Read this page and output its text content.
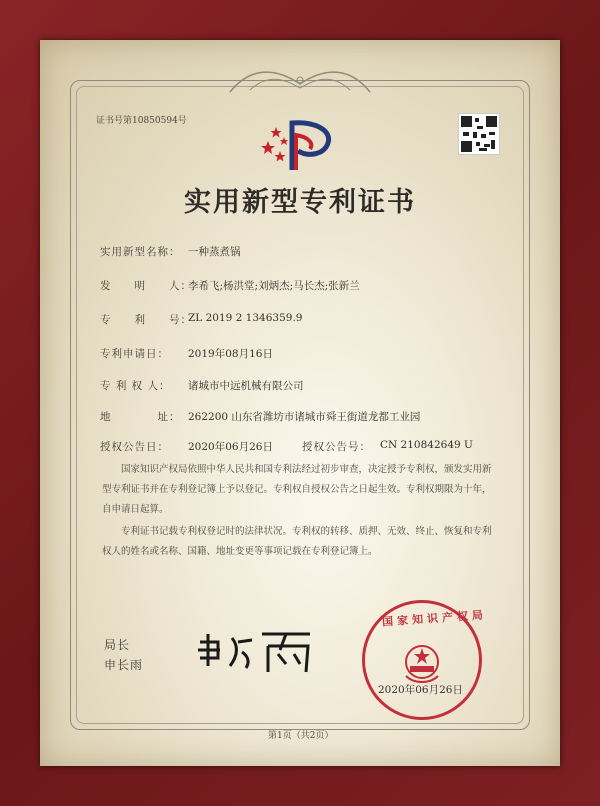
证书号第10850594号
实用新型专利证书
实用新型名称： 一种蒸煮锅
发　　明　　人：
李希飞;杨洪堂;刘炳杰;马长杰;张新兰
专　　利　　号：
ZL 2019 2 1346359.9
专利申请日： 2019年08月16日
专 利 权 人： 诸城市中远机械有限公司
地　　　　址： 262200 山东省潍坊市诸城市舜王街道龙都工业园
授权公告日： 2020年06月26日	授权公告号： CN 210842649 U
国家知识产权局依照中华人民共和国专利法经过初步审查，决定授予专利权，颁发实用新型专利证书并在专利登记簿上予以登记。专利权自授权公告之日起生效。专利权期限为十年，自申请日起算。
专利证书记载专利权登记时的法律状况。专利权的转移、质押、无效、终止、恢复和专利权人的姓名或名称、国籍、地址变更等事项记载在专利登记簿上。
局长
申长雨
国家知识产权局
2020年06月26日
第1页（共2页）
